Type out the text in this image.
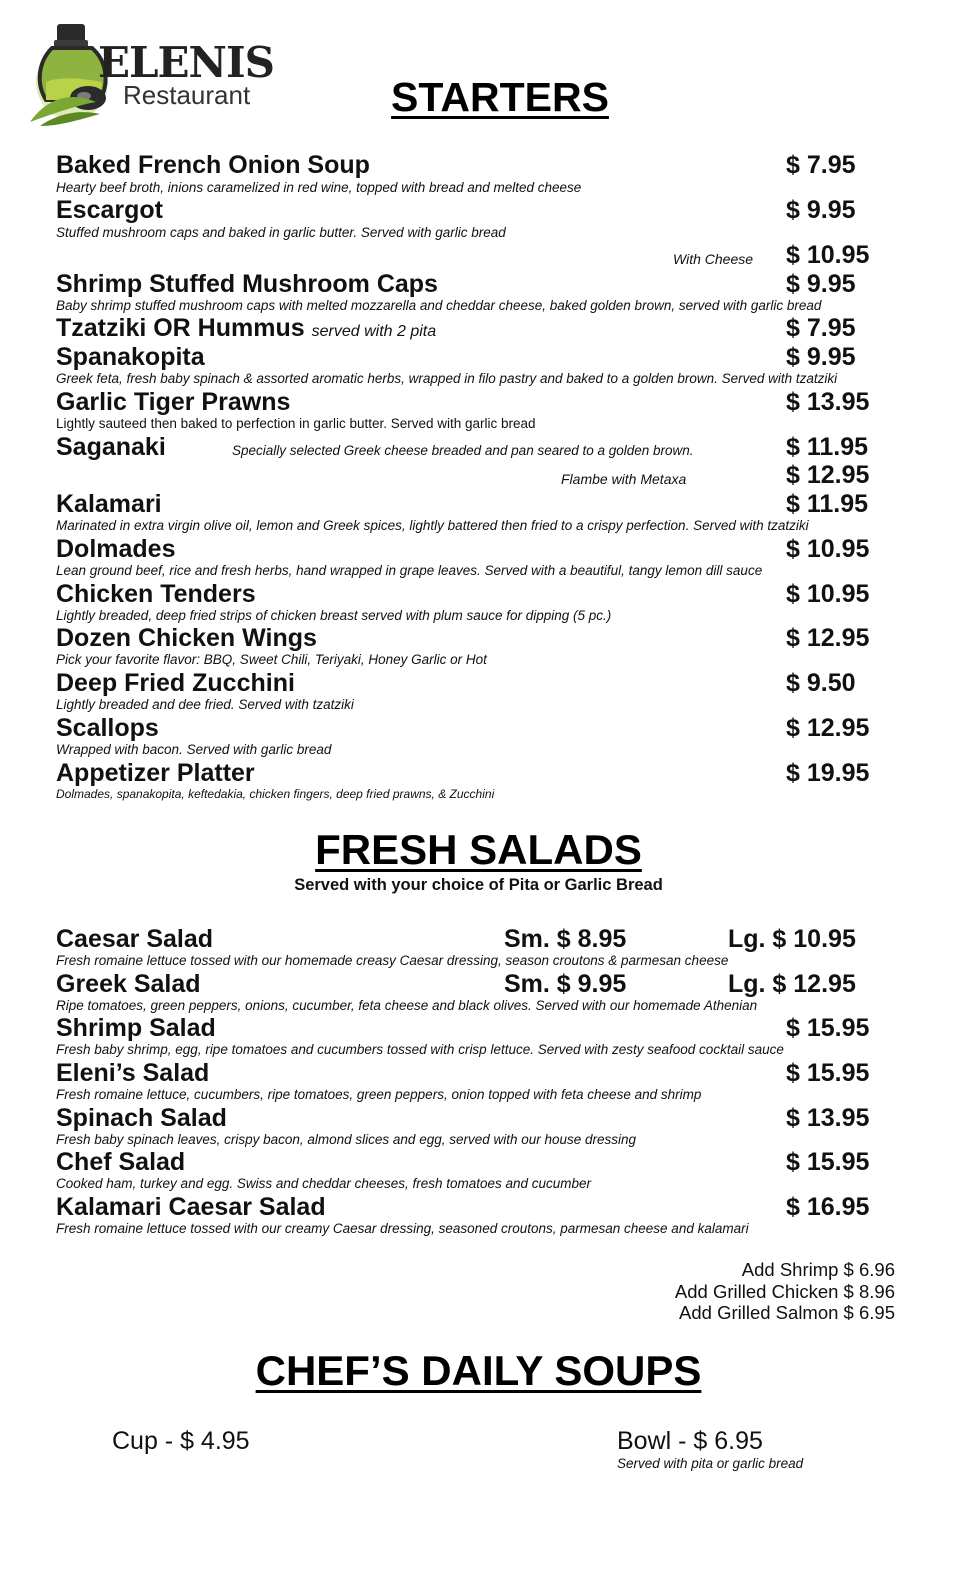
ELENIS
Restaurant	STARTERS
Baked French Onion Soup	$ 7.95
Hearty beef broth, inions caramelized in red wine, topped with bread and melted cheese
Escargot	$ 9.95
Stuffed mushroom caps and baked in garlic butter. Served with garlic bread
With Cheese $ 10.95
Shrimp Stuffed Mushroom Caps	$ 9.95
Baby shrimp stuffed mushroom caps with melted mozzarella and cheddar cheese, baked golden brown, served with garlic bread
Tzatziki OR Hummus served with 2 pita	$ 7.95
Spanakopita	$ 9.95
Greek feta, fresh baby spinach & assorted aromatic herbs, wrapped in filo pastry and baked to a golden brown. Served with tzatziki
Garlic Tiger Prawns	$ 13.95
Lightly sauteed then baked to perfection in garlic butter. Served with garlic bread
Saganaki	Specially selected Greek cheese breaded and pan seared to a golden brown.	$ 11.95
Flambe with Metaxa	$ 12.95
Kalamari	$ 11.95
Marinated in extra virgin olive oil, lemon and Greek spices, lightly battered then fried to a crispy perfection. Served with tzatziki
Dolmades	$ 10.95
Lean ground beef, rice and fresh herbs, hand wrapped in grape leaves. Served with a beautiful, tangy lemon dill sauce
Chicken Tenders	$ 10.95
Lightly breaded, deep fried strips of chicken breast served with plum sauce for dipping (5 pc.)
Dozen Chicken Wings	$ 12.95
Pick your favorite flavor: BBQ, Sweet Chili, Teriyaki, Honey Garlic or Hot
Deep Fried Zucchini	$ 9.50
Lightly breaded and dee fried. Served with tzatziki
Scallops	$ 12.95
Wrapped with bacon. Served with garlic bread
Appetizer Platter	$ 19.95
Dolmades, spanakopita, keftedakia, chicken fingers, deep fried prawns, & Zucchini
FRESH SALADS
Served with your choice of Pita or Garlic Bread
Caesar Salad	Sm. $ 8.95	Lg. $ 10.95
Fresh romaine lettuce tossed with our homemade creasy Caesar dressing, season croutons & parmesan cheese
Greek Salad	Sm. $ 9.95	Lg. $ 12.95
Ripe tomatoes, green peppers, onions, cucumber, feta cheese and black olives. Served with our homemade Athenian
Shrimp Salad	$ 15.95
Fresh baby shrimp, egg, ripe tomatoes and cucumbers tossed with crisp lettuce. Served with zesty seafood cocktail sauce
Eleni’s Salad	$ 15.95
Fresh romaine lettuce, cucumbers, ripe tomatoes, green peppers, onion topped with feta cheese and shrimp
Spinach Salad	$ 13.95
Fresh baby spinach leaves, crispy bacon, almond slices and egg, served with our house dressing
Chef Salad	$ 15.95
Cooked ham, turkey and egg. Swiss and cheddar cheeses, fresh tomatoes and cucumber
Kalamari Caesar Salad	$ 16.95
Fresh romaine lettuce tossed with our creamy Caesar dressing, seasoned croutons, parmesan cheese and kalamari
Add Shrimp $ 6.96
Add Grilled Chicken $ 8.96
Add Grilled Salmon $ 6.95
CHEF’S DAILY SOUPS
Cup - $ 4.95	Bowl - $ 6.95
Served with pita or garlic bread
